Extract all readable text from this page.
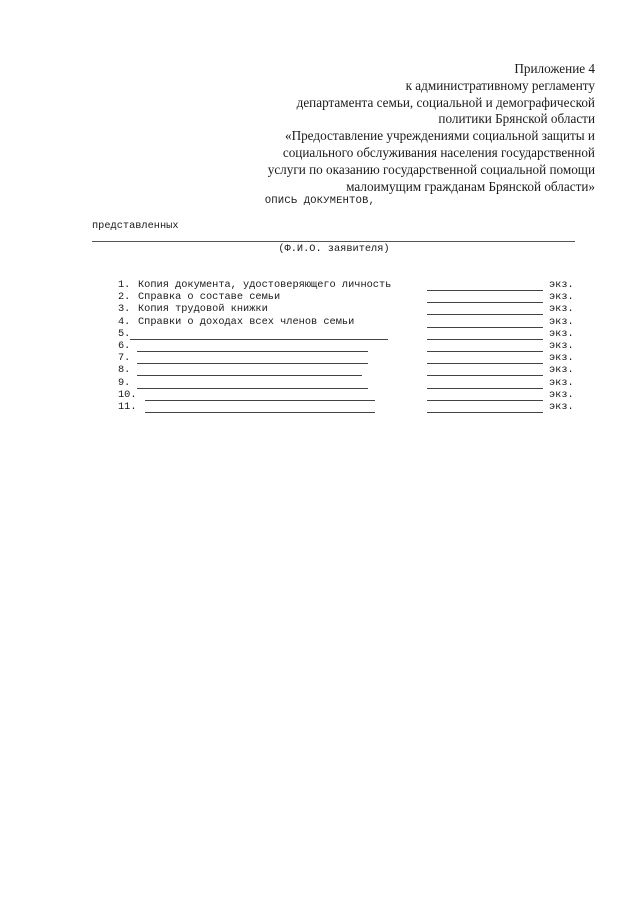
Приложение 4
к административному регламенту
департамента семьи, социальной и демографической
политики Брянской области
«Предоставление учреждениями социальной защиты и
социального обслуживания населения государственной
услуги по оказанию государственной социальной помощи
малоимущим гражданам Брянской области»
ОПИСЬ ДОКУМЕНТОВ,
представленных
(Ф.И.О. заявителя)
1. Копия документа, удостоверяющего личность	экз.
2. Справка о составе семьи	экз.
3. Копия трудовой книжки	экз.
4. Справки о доходах всех членов семьи	экз.
5.	экз.
6.	экз.
7.	экз.
8.	экз.
9.	экз.
10.	экз.
11.	экз.
